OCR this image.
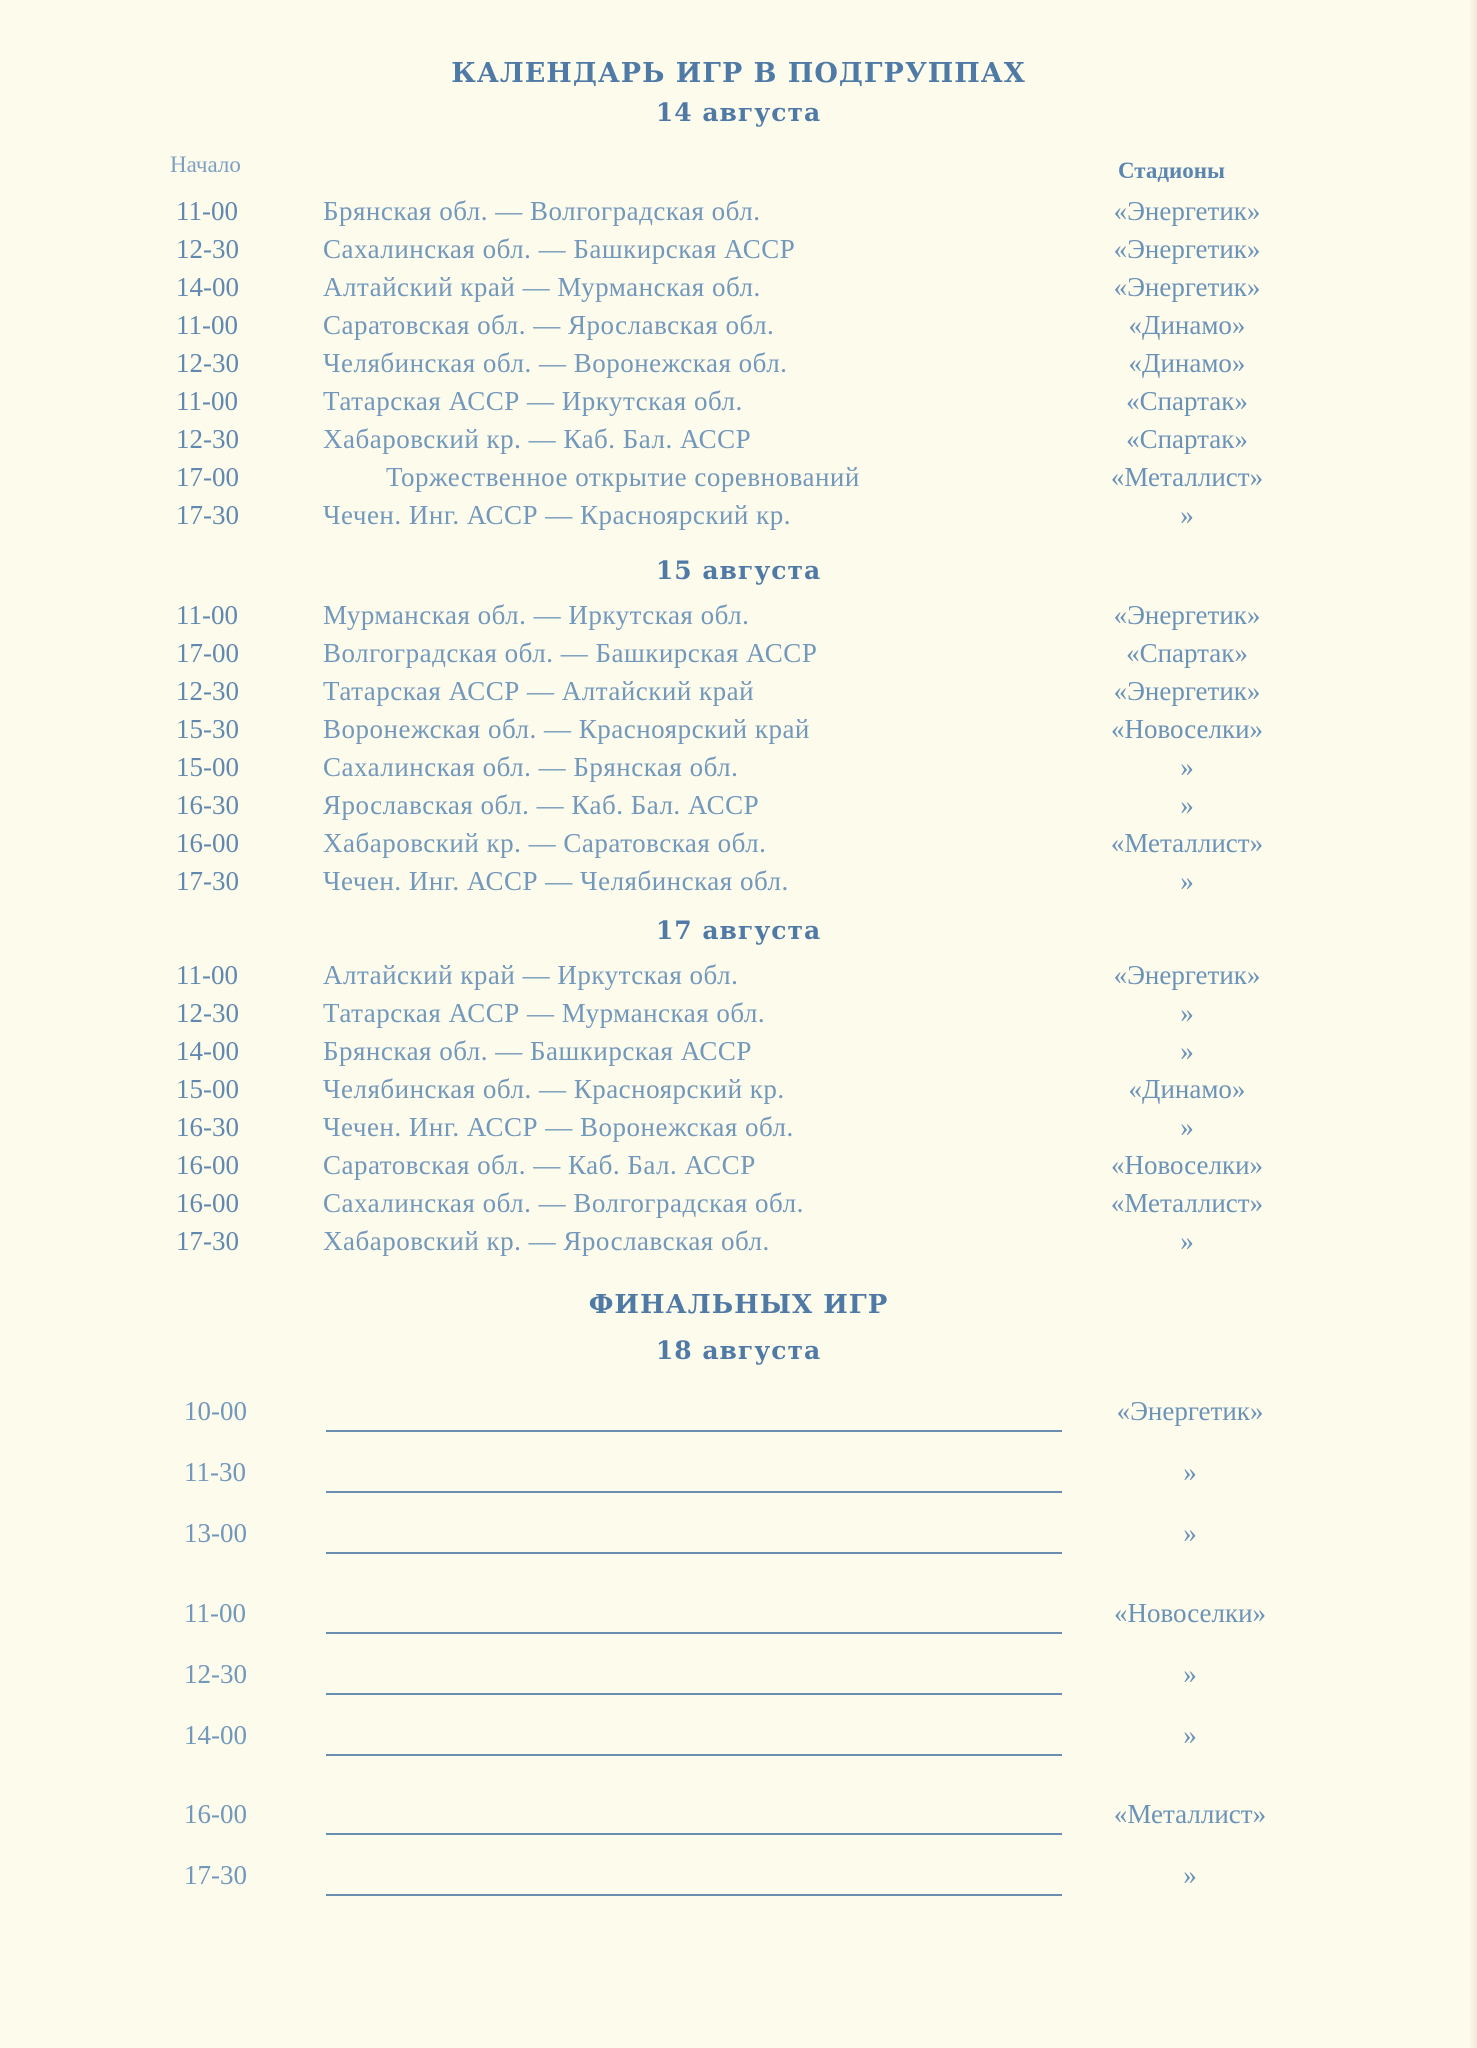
КАЛЕНДАРЬ ИГР В ПОДГРУППАХ
14 августа
Начало	Стадионы
11-00	Брянская обл. — Волгоградская обл.	«Энергетик»
12-30	Сахалинская обл. — Башкирская АССР	«Энергетик»
14-00	Алтайский край — Мурманская обл.	«Энергетик»
11-00	Саратовская обл. — Ярославская обл.	«Динамо»
12-30	Челябинская обл. — Воронежская обл.	«Динамо»
11-00	Татарская АССР — Иркутская обл.	«Спартак»
12-30	Хабаровский кр. — Каб. Бал. АССР	«Спартак»
17-00	Торжественное открытие соревнований	«Металлист»
17-30	Чечен. Инг. АССР — Красноярский кр.	»
15 августа
11-00	Мурманская обл. — Иркутская обл.	«Энергетик»
17-00	Волгоградская обл. — Башкирская АССР	«Спартак»
12-30	Татарская АССР — Алтайский край	«Энергетик»
15-30	Воронежская обл. — Красноярский край	«Новоселки»
15-00	Сахалинская обл. — Брянская обл.	»
16-30	Ярославская обл. — Каб. Бал. АССР	»
16-00	Хабаровский кр. — Саратовская обл.	«Металлист»
17-30	Чечен. Инг. АССР — Челябинская обл.	»
17 августа
11-00	Алтайский край — Иркутская обл.	«Энергетик»
12-30	Татарская АССР — Мурманская обл.	»
14-00	Брянская обл. — Башкирская АССР	»
15-00	Челябинская обл. — Красноярский кр.	«Динамо»
16-30	Чечен. Инг. АССР — Воронежская обл.	»
16-00	Саратовская обл. — Каб. Бал. АССР	«Новоселки»
16-00	Сахалинская обл. — Волгоградская обл.	«Металлист»
17-30	Хабаровский кр. — Ярославская обл.	»
ФИНАЛЬНЫХ ИГР
18 августа
10-00	«Энергетик»
11-30	»
13-00	»
11-00	«Новоселки»
12-30	»
14-00	»
16-00	«Металлист»
17-30	»
